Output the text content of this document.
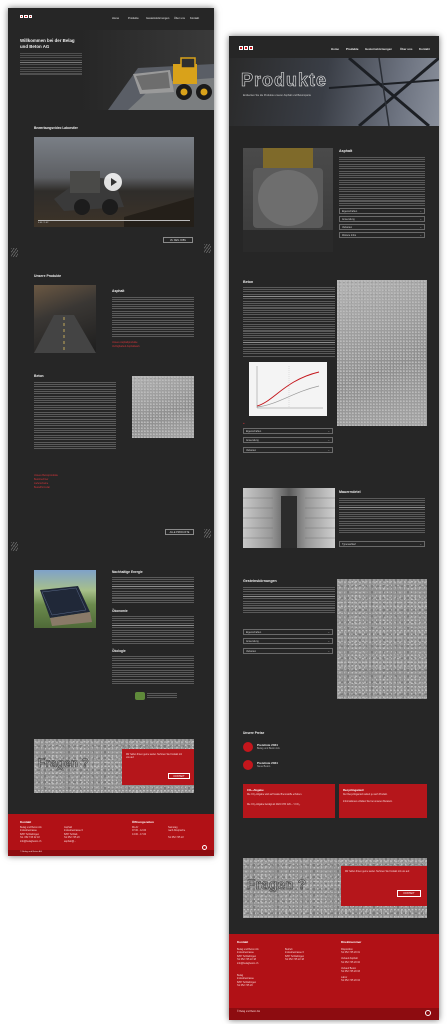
Home	Produkte	Gesteinskörnungen Über uns Kontakt
Willkommen bei der Belag
und Beton AG
Bewerbungsvideo Laborstier
0:00 / 1:42
ZU DEN JOBS
Unsere Produkte
Asphalt
Unsere Asphaltprodukte
Verfügbarkeit Asphaltwerk
Beton
Unsere Betonprodukte
Betonrechner
Lieferscheine
Bestellformular
ALLE PRODUKTE
Nachhaltige Energie
Ökonomie
Ökologie
Fragen ?
Wir helfen Ihnen gerne weiter. Nehmen Sie Kontakt mit uns auf.
KONTAKT
Kontakt
Belag und Beton AG
Industriestrasse
8257 Schlattingen
Tel. 052 745 22 18
info@belagbeton.ch
Asphalt
Industriestrasse 6
8257 Schlatt.
Tel 052 745 20
asphalt@...
Öffnungszeiten
Mo-Fr
07.00 - 12.00
13.00 - 17.00
Samstag
nach Absprache

Tel 052 745 22
© Belag und Beton AG
Home	Produkte Gesteinskörnungen	Über uns Kontakt
Produkte
Entdecken Sie die Produkte unserer Asphalt und Betonsparte
Asphalt
Eigenschaften	⌄
Anwendung	⌄
Varianten	⌄
Weitere Infos	⌄
Beton
●
Eigenschaften	⌄
Anwendung	⌄
Varianten	⌄
Mauermörtel
Typenauflauf	⌄
Gesteinskörnungen
Eigenschaften	⌄
Anwendung	⌄
Varianten	⌄
Unsere Preise
Preisliste 2024
Belag und Beton AG
Preisliste 2024
Neue Beton
CO₂-Abgabe
Die CO₂-Abgabe wird auf fossile Brennstoffe erhoben.
Die CO₂-Abgabe beträgt ab 2024 CHF 120.- / t CO₂.
Recyclinganteil
Der Recyclinganteil variiert je nach Produkt.
Informationen erhalten Sie bei unseren Beratern.
Fragen ?
Wir helfen Ihnen gerne weiter. Nehmen Sie Kontakt mit uns auf.
KONTAKT
Kontakt
Belag und Beton AG
Industriestrasse
8257 Schlattingen
Tel 052 745 22 18
info@belagbeton.ch
Betrieb
Industriestrasse 6
8257 Schlattingen
Tel 052 745 22 18
Belag
Industriestrasse
8257 Schlattingen
Tel 052 745 20
Direktnummer
Disposition
Tel 052 745 20 01

Verkauf Asphalt
Tel 052 745 20 02

Verkauf Beton
Tel 052 745 20 03

Labor
Tel 052 745 20 04
© Belag und Beton AG
